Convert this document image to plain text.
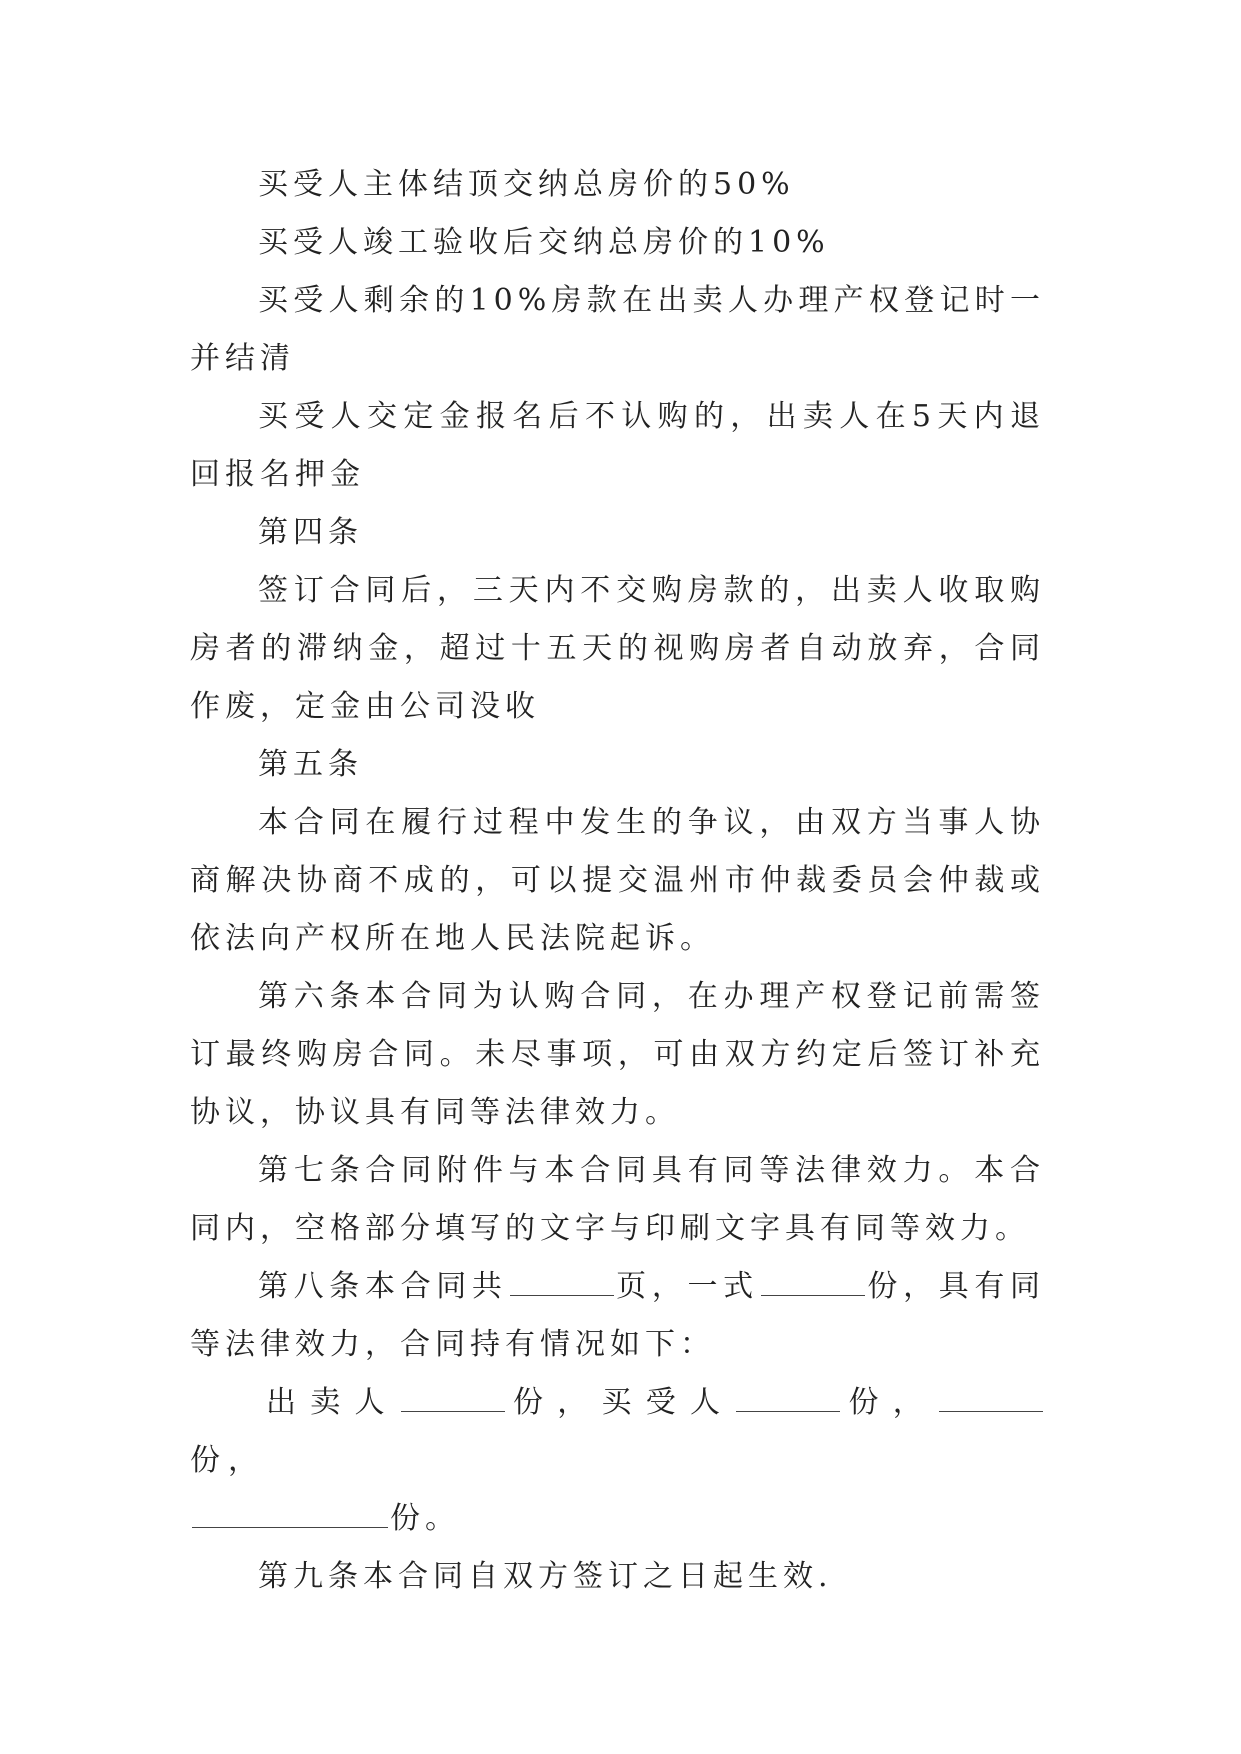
买受人主体结顶交纳总房价的50%

买受人竣工验收后交纳总房价的10%

买受人剩余的10%房款在出卖人办理产权登记时一并结清

买受人交定金报名后不认购的，出卖人在5天内退回报名押金

第四条

签订合同后，三天内不交购房款的，出卖人收取购房者的滞纳金，超过十五天的视购房者自动放弃，合同作废，定金由公司没收

第五条

本合同在履行过程中发生的争议，由双方当事人协商解决协商不成的，可以提交温州市仲裁委员会仲裁或依法向产权所在地人民法院起诉。

第六条本合同为认购合同，在办理产权登记前需签订最终购房合同。未尽事项，可由双方约定后签订补充协议，协议具有同等法律效力。

第七条合同附件与本合同具有同等法律效力。本合同内，空格部分填写的文字与印刷文字具有同等效力。

第八条本合同共	页，一式	份，具有同等法律效力，合同持有情况如下：

出卖人	份，买受人	份，份，

份。

第九条本合同自双方签订之日起生效.
